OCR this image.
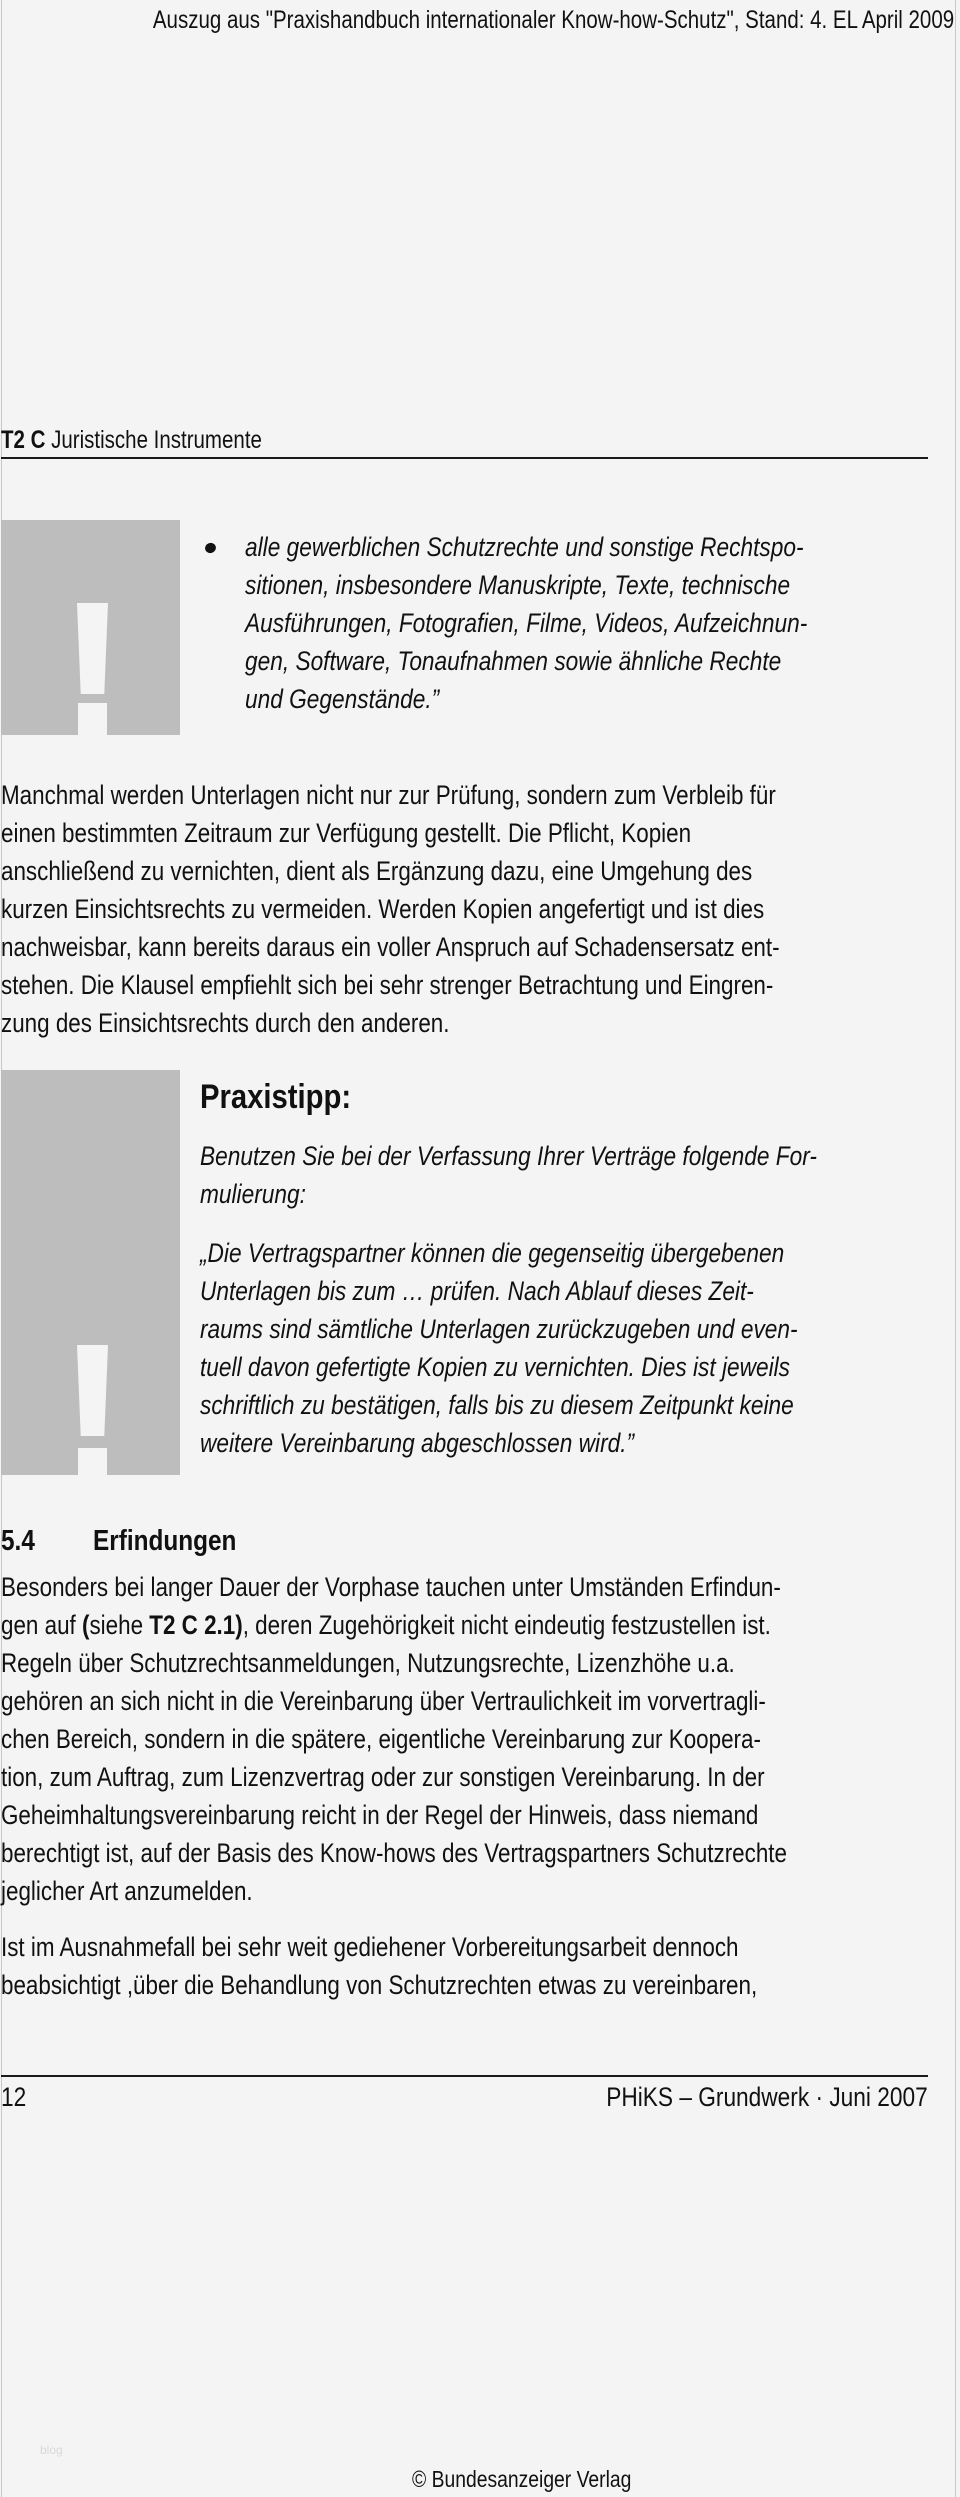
Auszug aus "Praxishandbuch internationaler Know-how-Schutz", Stand: 4. EL April 2009
T2 C Juristische Instrumente
alle gewerblichen Schutzrechte und sonstige Rechtspo-
sitionen, insbesondere Manuskripte, Texte, technische
Ausführungen, Fotografien, Filme, Videos, Aufzeichnun-
gen, Software, Tonaufnahmen sowie ähnliche Rechte
und Gegenstände.”
Manchmal werden Unterlagen nicht nur zur Prüfung, sondern zum Verbleib für
einen bestimmten Zeitraum zur Verfügung gestellt. Die Pflicht, Kopien
anschließend zu vernichten, dient als Ergänzung dazu, eine Umgehung des
kurzen Einsichtsrechts zu vermeiden. Werden Kopien angefertigt und ist dies
nachweisbar, kann bereits daraus ein voller Anspruch auf Schadensersatz ent-
stehen. Die Klausel empfiehlt sich bei sehr strenger Betrachtung und Eingren-
zung des Einsichtsrechts durch den anderen.
Praxistipp:
Benutzen Sie bei der Verfassung Ihrer Verträge folgende For-
mulierung:
„Die Vertragspartner können die gegenseitig übergebenen
Unterlagen bis zum … prüfen. Nach Ablauf dieses Zeit-
raums sind sämtliche Unterlagen zurückzugeben und even-
tuell davon gefertigte Kopien zu vernichten. Dies ist jeweils
schriftlich zu bestätigen, falls bis zu diesem Zeitpunkt keine
weitere Vereinbarung abgeschlossen wird.”
5.4 Erfindungen
Besonders bei langer Dauer der Vorphase tauchen unter Umständen Erfindun-
gen auf (siehe T2 C 2.1), deren Zugehörigkeit nicht eindeutig festzustellen ist.
Regeln über Schutzrechtsanmeldungen, Nutzungsrechte, Lizenzhöhe u.a.
gehören an sich nicht in die Vereinbarung über Vertraulichkeit im vorvertragli-
chen Bereich, sondern in die spätere, eigentliche Vereinbarung zur Koopera-
tion, zum Auftrag, zum Lizenzvertrag oder zur sonstigen Vereinbarung. In der
Geheimhaltungsvereinbarung reicht in der Regel der Hinweis, dass niemand
berechtigt ist, auf der Basis des Know-hows des Vertragspartners Schutzrechte
jeglicher Art anzumelden.
Ist im Ausnahmefall bei sehr weit gediehener Vorbereitungsarbeit dennoch
beabsichtigt ,über die Behandlung von Schutzrechten etwas zu vereinbaren,
12	PHiKS – Grundwerk · Juni 2007
blog
© Bundesanzeiger Verlag
